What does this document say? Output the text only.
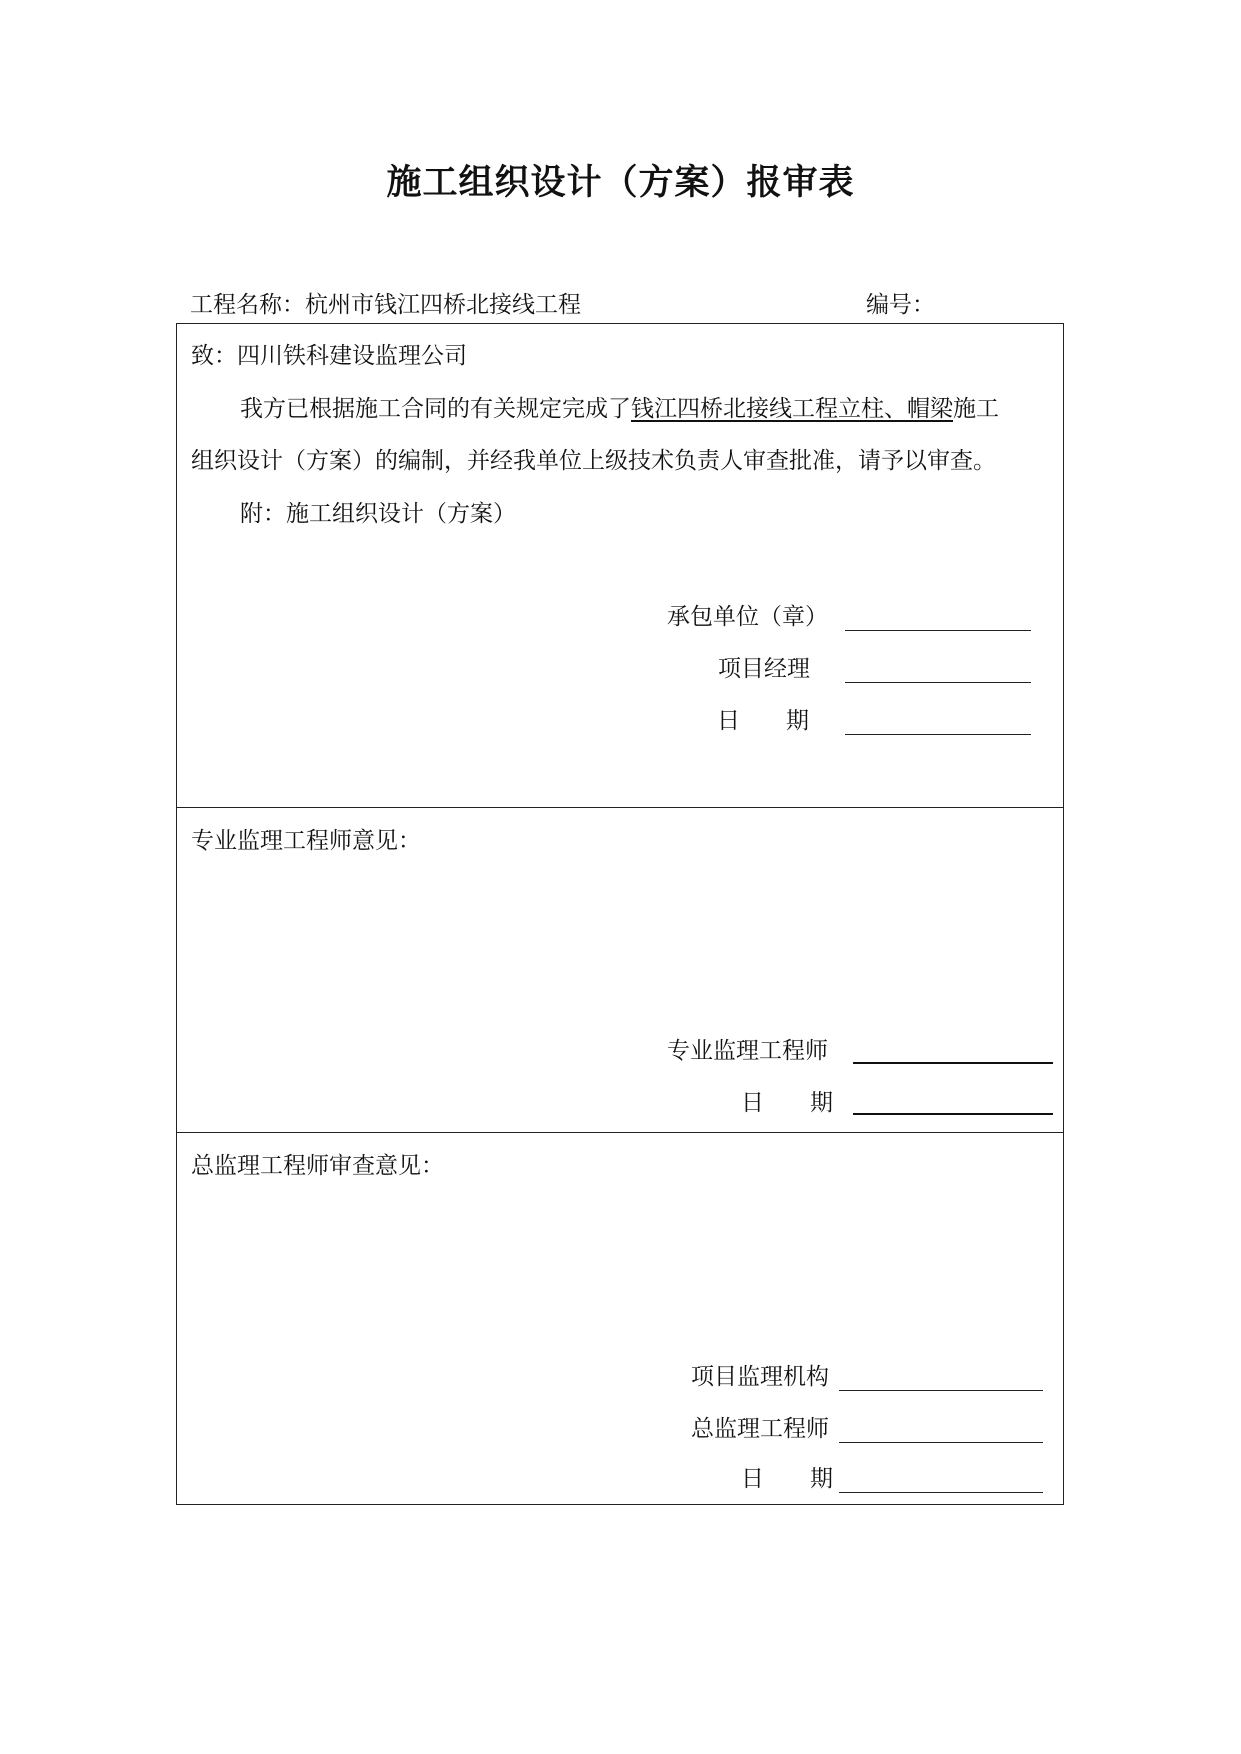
施工组织设计（方案）报审表
工程名称：杭州市钱江四桥北接线工程	编号：
致：四川铁科建设监理公司
我方已根据施工合同的有关规定完成了钱江四桥北接线工程立柱、帽梁施工
组织设计（方案）的编制，并经我单位上级技术负责人审查批准，请予以审查。
附：施工组织设计（方案）
承包单位（章）
项目经理
日　　期
专业监理工程师意见：
专业监理工程师
日　　期
总监理工程师审查意见：
项目监理机构
总监理工程师
日　　期
